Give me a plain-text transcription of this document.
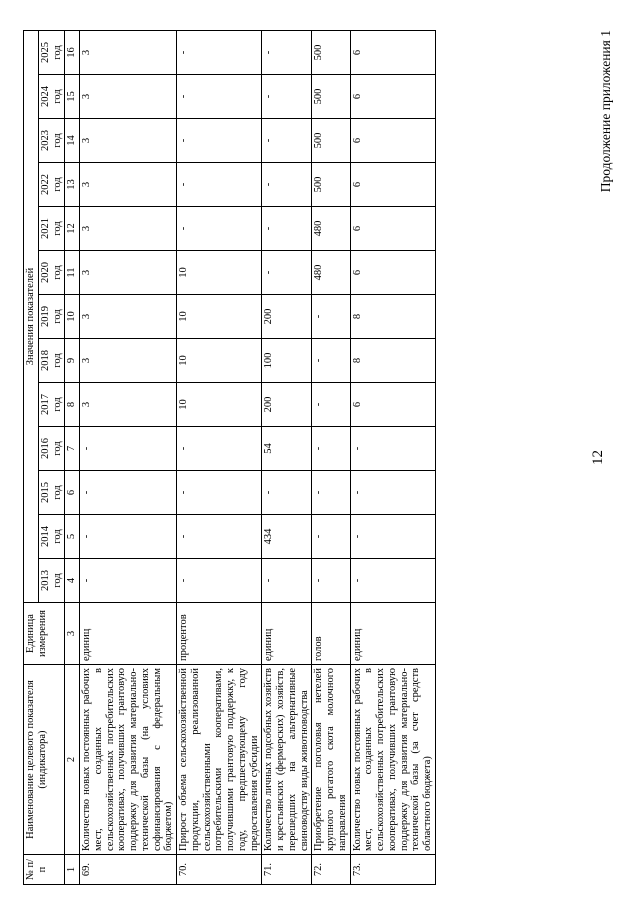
12
Продолжение приложения 1
№ п/п	Наименование целевого показателя (индикатора)	Единица измерения	Значения показателей												
			2013 год	2014 год	2015 год	2016 год	2017 год	2018 год	2019 год	2020 год	2021 год	2022 год	2023 год	2024 год	2025 год
1	2	3	4	5	6	7	8	9	10	11	12	13	14	15	16
69.	Количество новых постоянных рабочих мест, созданных в сельскохозяйственных потребительских кооперативах, получивших грантовую поддержку для развития материально-технической базы (на условиях софинансирования с федеральным бюджетом)	единиц	-	-	-	-	3	3	3	3	3	3	3	3	3
70.	Прирост объема сельскохозяйственной продукции, реализованной сельскохозяйственными потребительскими кооперативами, получившими грантовую поддержку, к году, предшествующему году предоставления субсидии	процентов	-	-	-	-	10	10	10	10	-	-	-	-	-
71.	Количество личных подсобных хозяйств и крестьянских (фермерских) хозяйств, перешедших на альтернативные свиноводству виды животноводства	единиц	-	434	-	54	200	100	200	-	-	-	-	-	-
72.	Приобретение поголовья нетелей крупного рогатого скота молочного направления	голов	-	-	-	-	-	-	-	480	480	500	500	500	500
73.	Количество новых постоянных рабочих мест, созданных в сельскохозяйственных потребительских кооперативах, получивших грантовую поддержку для развития материально-технической базы (за счет средств областного бюджета)	единиц	-	-	-	-	6	8	8	6	6	6	6	6	6
